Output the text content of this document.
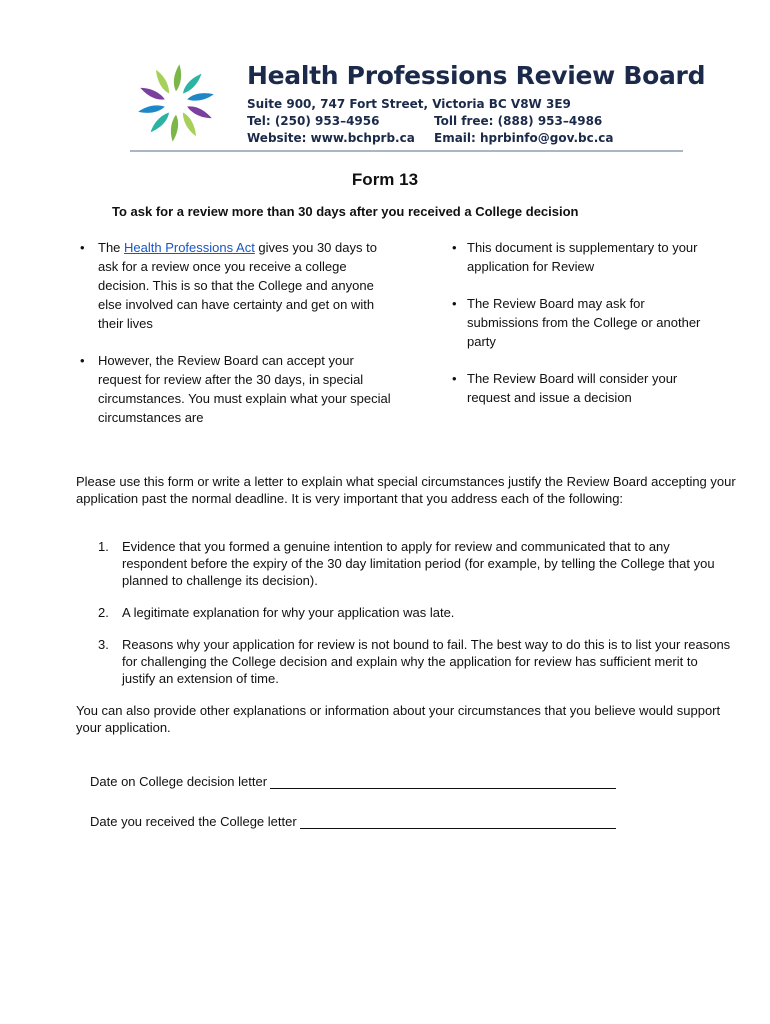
Health Professions Review Board
Suite 900, 747 Fort Street, Victoria BC V8W 3E9
Tel: (250) 953–4956	Toll free: (888) 953–4986
Website: www.bchprb.ca	Email: hprbinfo@gov.bc.ca
Form 13
To ask for a review more than 30 days after you received a College decision
• The Health Professions Act gives you 30 days to ask for a review once you receive a college decision. This is so that the College and anyone else involved can have certainty and get on with their lives
• However, the Review Board can accept your request for review after the 30 days, in special circumstances. You must explain what your special circumstances are
• This document is supplementary to your application for Review
• The Review Board may ask for submissions from the College or another party
• The Review Board will consider your request and issue a decision

Please use this form or write a letter to explain what special circumstances justify the Review Board accepting your application past the normal deadline. It is very important that you address each of the following:

1. Evidence that you formed a genuine intention to apply for review and communicated that to any respondent before the expiry of the 30 day limitation period (for example, by telling the College that you planned to challenge its decision).
2. A legitimate explanation for why your application was late.
3. Reasons why your application for review is not bound to fail. The best way to do this is to list your reasons for challenging the College decision and explain why the application for review has sufficient merit to justify an extension of time.

You can also provide other explanations or information about your circumstances that you believe would support your application.

Date on College decision letter
Date you received the College letter
